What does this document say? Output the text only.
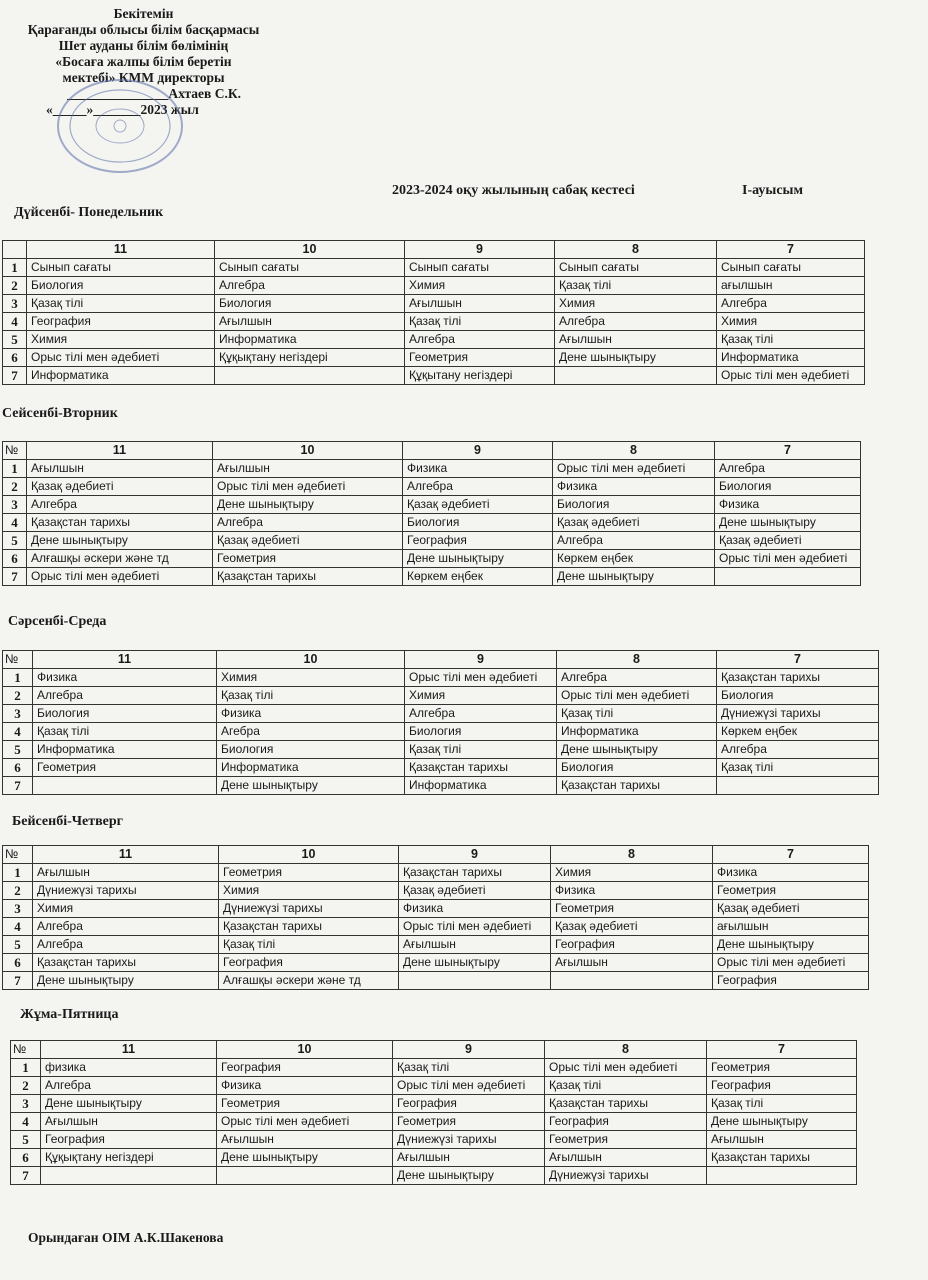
Бекітемін
Қарағанды облысы білім басқармасы
Шет ауданы білім бөлімінің
«Босаға жалпы білім беретін
мектебі» КММ директоры
_______________Ахтаев С.К.
«_____»_______2023 жыл
2023-2024 оқу жылының сабақ кестесі	І-ауысым
Орындаған ОІМ А.К.Шакенова
Дүйсенбі- Понедельник
	11	10	9	8	7
1	Сынып сағаты	Сынып сағаты	Сынып сағаты	Сынып сағаты	Сынып сағаты
2	Биология	Алгебра	Химия	Қазақ тілі	ағылшын
3	Қазақ тілі	Биология	Ағылшын	Химия	Алгебра
4	География	Ағылшын	Қазақ тілі	Алгебра	Химия
5	Химия	Информатика	Алгебра	Ағылшын	Қазақ тілі
6	Орыс тілі мен әдебиеті	Құқықтану негіздері	Геометрия	Дене шынықтыру	Информатика
7	Информатика		Құқытану негіздері		Орыс тілі мен әдебиеті
Сейсенбі-Вторник
№	11	10	9	8	7
1	Ағылшын	Ағылшын	Физика	Орыс тілі мен әдебиеті	Алгебра
2	Қазақ әдебиеті	Орыс тілі мен әдебиеті	Алгебра	Физика	Биология
3	Алгебра	Дене шынықтыру	Қазақ әдебиеті	Биология	Физика
4	Қазақстан тарихы	Алгебра	Биология	Қазақ әдебиеті	Дене шынықтыру
5	Дене шынықтыру	Қазақ әдебиеті	География	Алгебра	Қазақ әдебиеті
6	Алғашқы әскери және тд	Геометрия	Дене шынықтыру	Көркем еңбек	Орыс тілі мен әдебиеті
7	Орыс тілі мен әдебиеті	Қазақстан тарихы	Көркем еңбек	Дене шынықтыру	
Сәрсенбі-Среда
№	11	10	9	8	7
1	Физика	Химия	Орыс тілі мен әдебиеті	Алгебра	Қазақстан тарихы
2	Алгебра	Қазақ тілі	Химия	Орыс тілі мен әдебиеті	Биология
3	Биология	Физика	Алгебра	Қазақ тілі	Дүниежүзі тарихы
4	Қазақ тілі	Агебра	Биология	Информатика	Көркем еңбек
5	Информатика	Биология	Қазақ тілі	Дене шынықтыру	Алгебра
6	Геометрия	Информатика	Қазақстан тарихы	Биология	Қазақ тілі
7		Дене шынықтыру	Информатика	Қазақстан тарихы	
Бейсенбі-Четверг
№	11	10	9	8	7
1	Ағылшын	Геометрия	Қазақстан тарихы	Химия	Физика
2	Дүниежүзі тарихы	Химия	Қазақ әдебиеті	Физика	Геометрия
3	Химия	Дүниежүзі тарихы	Физика	Геометрия	Қазақ әдебиеті
4	Алгебра	Қазақстан тарихы	Орыс тілі мен әдебиеті	Қазақ әдебиеті	ағылшын
5	Алгебра	Қазақ тілі	Ағылшын	География	Дене шынықтыру
6	Қазақстан тарихы	География	Дене шынықтыру	Ағылшын	Орыс тілі мен әдебиеті
7	Дене шынықтыру	Алғашқы әскери және тд			География
Жұма-Пятница
№	11	10	9	8	7
1	физика	География	Қазақ тілі	Орыс тілі мен әдебиеті	Геометрия
2	Алгебра	Физика	Орыс тілі мен әдебиеті	Қазақ тілі	География
3	Дене шынықтыру	Геометрия	География	Қазақстан тарихы	Қазақ тілі
4	Ағылшын	Орыс тілі мен әдебиеті	Геометрия	География	Дене шынықтыру
5	География	Ағылшын	Дүниежүзі тарихы	Геометрия	Ағылшын
6	Құқықтану негіздері	Дене шынықтыру	Ағылшын	Ағылшын	Қазақстан тарихы
7			Дене шынықтыру	Дүниежүзі тарихы	
